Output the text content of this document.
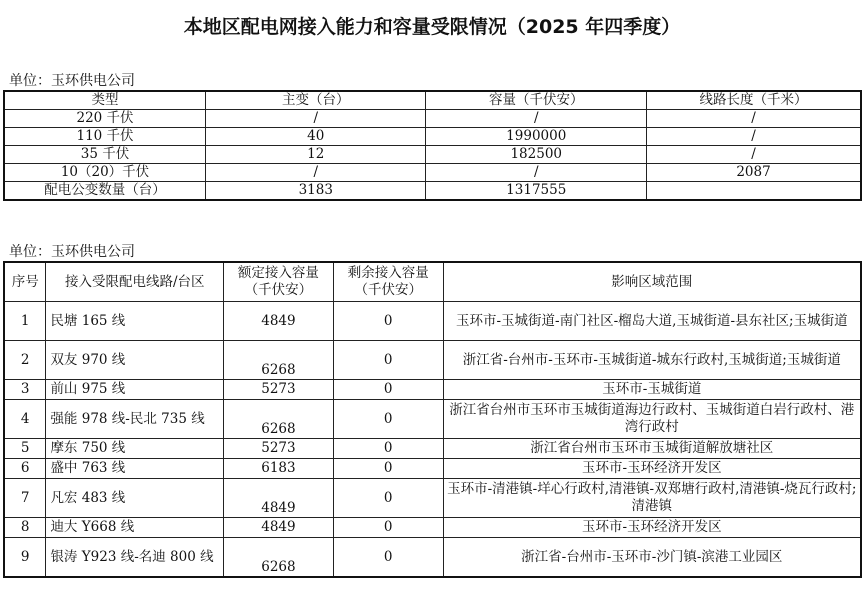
本地区配电网接入能力和容量受限情况（2025 年四季度）
单位：玉环供电公司
类型	主变（台）	容量（千伏安）	线路长度（千米）
220 千伏	/	/	/
110 千伏	40	1990000	/
35 千伏	12	182500	/
10（20）千伏	/	/	2087
配电公变数量（台）	3183	1317555	
单位：玉环供电公司
序号	接入受限配电线路/台区	额定接入容量（千伏安）	剩余接入容量（千伏安）	影响区域范围
1	民塘 165 线	4849	0	玉环市-玉城街道-南门社区-榴岛大道,玉城街道-县东社区;玉城街道
2	双友 970 线	6268	0	浙江省-台州市-玉环市-玉城街道-城东行政村,玉城街道;玉城街道
3	前山 975 线	5273	0	玉环市-玉城街道
4	强能 978 线-民北 735 线	6268	0	浙江省台州市玉环市玉城街道海边行政村、玉城街道白岩行政村、港湾行政村
5	摩东 750 线	5273	0	浙江省台州市玉环市玉城街道解放塘社区
6	盛中 763 线	6183	0	玉环市-玉环经济开发区
7	凡宏 483 线	4849	0	玉环市-清港镇-垟心行政村,清港镇-双郑塘行政村,清港镇-烧瓦行政村;清港镇
8	迪大 Y668 线	4849	0	玉环市-玉环经济开发区
9	银涛 Y923 线-名迪 800 线	6268	0	浙江省-台州市-玉环市-沙门镇-滨港工业园区
